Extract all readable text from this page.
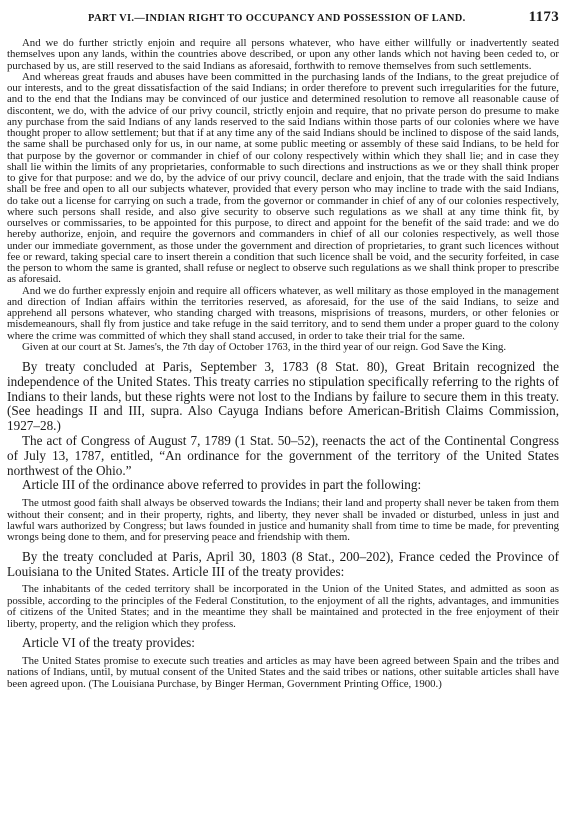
PART VI.—INDIAN RIGHT TO OCCUPANCY AND POSSESSION OF LAND.	1173

And we do further strictly enjoin and require all persons whatever, who have either willfully or inadvertently seated themselves upon any lands, within the countries above described, or upon any other lands which not having been ceded to, or purchased by us, are still reserved to the said Indians as aforesaid, forthwith to remove themselves from such settlements.

And whereas great frauds and abuses have been committed in the purchasing lands of the Indians, to the great prejudice of our interests, and to the great dissatisfaction of the said Indians; in order therefore to prevent such irregularities for the future, and to the end that the Indians may be convinced of our justice and determined resolution to remove all reasonable cause of discontent, we do, with the advice of our privy council, strictly enjoin and require, that no private person do presume to make any purchase from the said Indians of any lands reserved to the said Indians within those parts of our colonies where we have thought proper to allow settlement; but that if at any time any of the said Indians should be inclined to dispose of the said lands, the same shall be purchased only for us, in our name, at some public meeting or assembly of these said Indians, to be held for that purpose by the governor or commander in chief of our colony respectively within which they shall lie; and in case they shall lie within the limits of any proprietaries, conformable to such directions and instructions as we or they shall think proper to give for that purpose: and we do, by the advice of our privy council, declare and enjoin, that the trade with the said Indians shall be free and open to all our subjects whatever, provided that every person who may incline to trade with the said Indians, do take out a license for carrying on such a trade, from the governor or commander in chief of any of our colonies respectively, where such persons shall reside, and also give security to observe such regulations as we shall at any time think fit, by ourselves or commissaries, to be appointed for this purpose, to direct and appoint for the benefit of the said trade: and we do hereby authorize, enjoin, and require the governors and commanders in chief of all our colonies respectively, as well those under our immediate government, as those under the government and direction of proprietaries, to grant such licences without fee or reward, taking special care to insert therein a condition that such licence shall be void, and the security forfeited, in case the person to whom the same is granted, shall refuse or neglect to observe such regulations as we shall think proper to prescribe as aforesaid.

And we do further expressly enjoin and require all officers whatever, as well military as those employed in the management and direction of Indian affairs within the territories reserved, as aforesaid, for the use of the said Indians, to seize and apprehend all persons whatever, who standing charged with treasons, misprisions of treasons, murders, or other felonies or misdemeanours, shall fly from justice and take refuge in the said territory, and to send them under a proper guard to the colony where the crime was committed of which they shall stand accused, in order to take their trial for the same.

Given at our court at St. James's, the 7th day of October 1763, in the third year of our reign. God Save the King.

By treaty concluded at Paris, September 3, 1783 (8 Stat. 80), Great Britain recognized the independence of the United States. This treaty carries no stipulation specifically referring to the rights of Indians to their lands, but these rights were not lost to the Indians by failure to secure them in this treaty. (See headings II and III, supra. Also Cayuga Indians before American-British Claims Commission, 1927–28.)

The act of Congress of August 7, 1789 (1 Stat. 50–52), reenacts the act of the Continental Congress of July 13, 1787, entitled, “An ordinance for the government of the territory of the United States northwest of the Ohio.”

Article III of the ordinance above referred to provides in part the following:

The utmost good faith shall always be observed towards the Indians; their land and property shall never be taken from them without their consent; and in their property, rights, and liberty, they never shall be invaded or disturbed, unless in just and lawful wars authorized by Congress; but laws founded in justice and humanity shall from time to time be made, for preventing wrongs being done to them, and for preserving peace and friendship with them.

By the treaty concluded at Paris, April 30, 1803 (8 Stat., 200–202), France ceded the Province of Louisiana to the United States. Article III of the treaty provides:

The inhabitants of the ceded territory shall be incorporated in the Union of the United States, and admitted as soon as possible, according to the principles of the Federal Constitution, to the enjoyment of all the rights, advantages, and immunities of citizens of the United States; and in the meantime they shall be maintained and protected in the free enjoyment of their liberty, property, and the religion which they profess.

Article VI of the treaty provides:

The United States promise to execute such treaties and articles as may have been agreed between Spain and the tribes and nations of Indians, until, by mutual consent of the United States and the said tribes or nations, other suitable articles shall have been agreed upon. (The Louisiana Purchase, by Binger Herman, Government Printing Office, 1900.)
